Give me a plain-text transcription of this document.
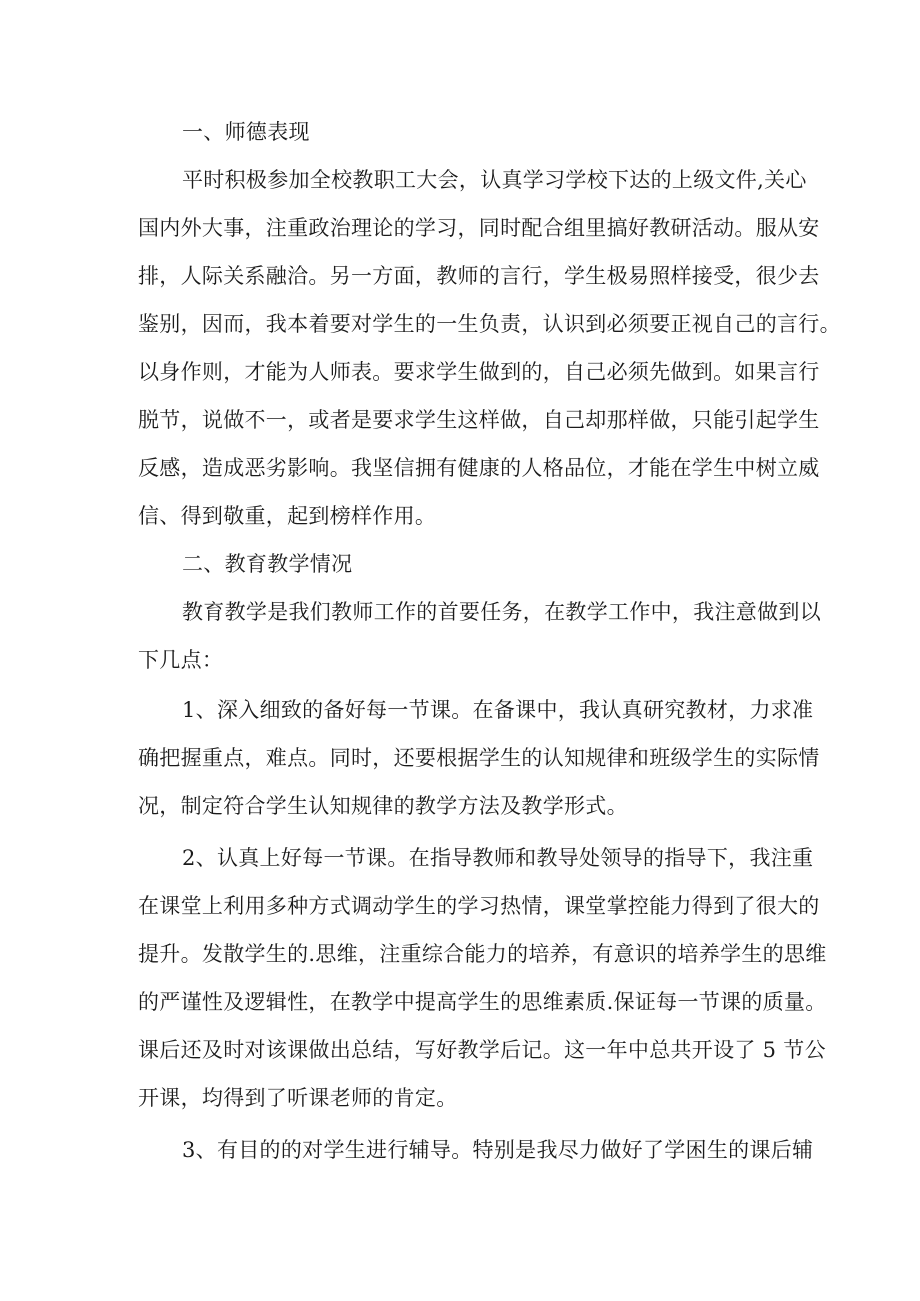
一、师德表现
平时积极参加全校教职工大会，认真学习学校下达的上级文件,关心
国内外大事，注重政治理论的学习，同时配合组里搞好教研活动。服从安
排，人际关系融洽。另一方面，教师的言行，学生极易照样接受，很少去
鉴别，因而，我本着要对学生的一生负责，认识到必须要正视自己的言行。
以身作则，才能为人师表。要求学生做到的，自己必须先做到。如果言行
脱节，说做不一，或者是要求学生这样做，自己却那样做，只能引起学生
反感，造成恶劣影响。我坚信拥有健康的人格品位，才能在学生中树立威
信、得到敬重，起到榜样作用。
二、教育教学情况
教育教学是我们教师工作的首要任务，在教学工作中，我注意做到以
下几点：
1、深入细致的备好每一节课。在备课中，我认真研究教材，力求准
确把握重点，难点。同时，还要根据学生的认知规律和班级学生的实际情
况，制定符合学生认知规律的教学方法及教学形式。
2、认真上好每一节课。在指导教师和教导处领导的指导下，我注重
在课堂上利用多种方式调动学生的学习热情，课堂掌控能力得到了很大的
提升。发散学生的.思维，注重综合能力的培养，有意识的培养学生的思维
的严谨性及逻辑性，在教学中提高学生的思维素质.保证每一节课的质量。
课后还及时对该课做出总结，写好教学后记。这一年中总共开设了 5 节公
开课，均得到了听课老师的肯定。
3、有目的的对学生进行辅导。特别是我尽力做好了学困生的课后辅
